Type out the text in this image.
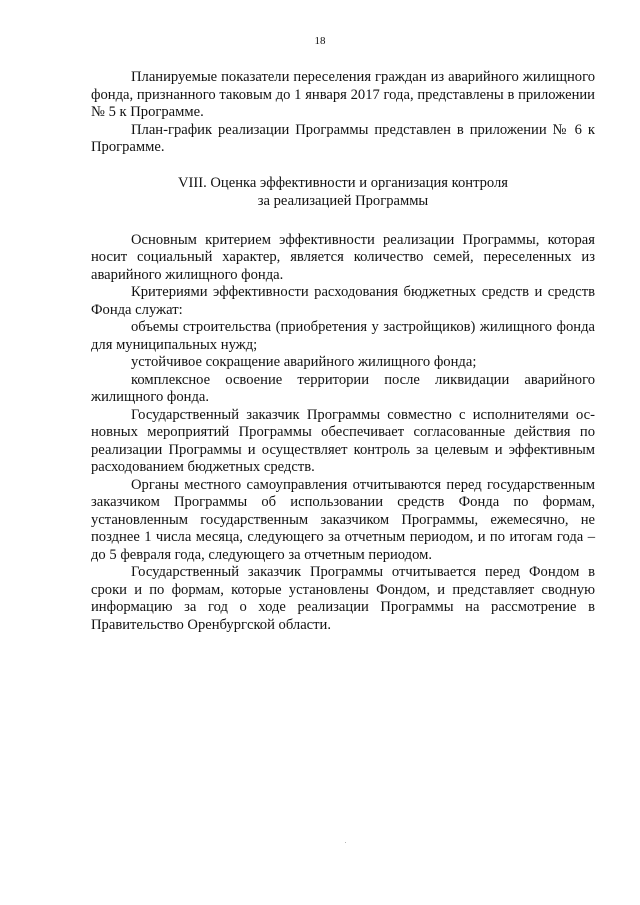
18

Планируемые показатели переселения граждан из аварийного жилищного фонда, признанного таковым до 1 января 2017 года, представлены в приложении № 5 к Программе.

План-график реализации Программы представлен в приложении № 6 к Программе.

VIII. Оценка эффективности и организация контроля
за реализацией Программы

Основным критерием эффективности реализации Программы, которая носит социальный характер, является количество семей, переселенных из аварийного жилищного фонда.

Критериями эффективности расходования бюджетных средств и средств Фонда служат:

объемы строительства (приобретения у застройщиков) жилищного фонда для муниципальных нужд;

устойчивое сокращение аварийного жилищного фонда;

комплексное освоение территории после ликвидации аварийного жилищного фонда.

Государственный заказчик Программы совместно с исполнителями основных мероприятий Программы обеспечивает согласованные действия по реализации Программы и осуществляет контроль за целевым и эффективным расходованием бюджетных средств.

Органы местного самоуправления отчитываются перед государственным заказчиком Программы об использовании средств Фонда по формам, установленным государственным заказчиком Программы, ежемесячно, не позднее 1 числа месяца, следующего за отчетным периодом, и по итогам года – до 5 февраля года, следующего за отчетным периодом.

Государственный заказчик Программы отчитывается перед Фондом в сроки и по формам, которые установлены Фондом, и представляет сводную информацию за год о ходе реализации Программы на рассмотрение в Правительство Оренбургской области.
